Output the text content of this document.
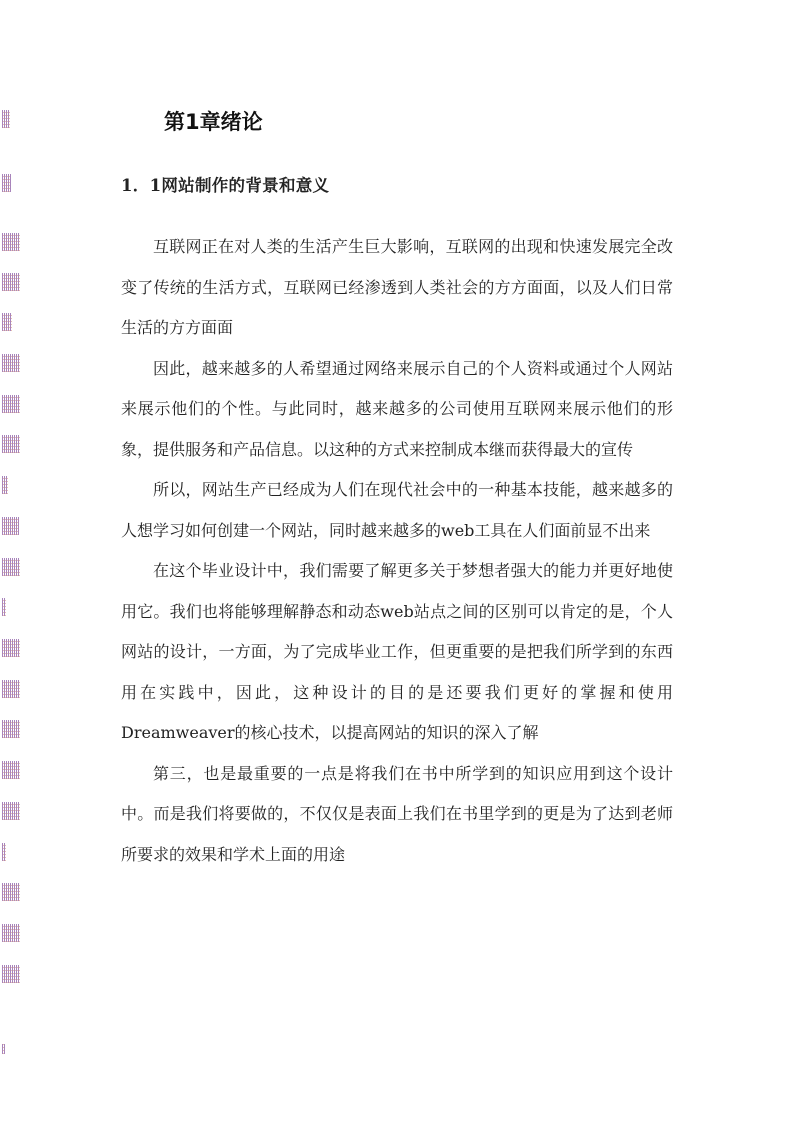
第1章绪论
1．1网站制作的背景和意义

互联网正在对人类的生活产生巨大影响，互联网的出现和快速发展完全改变了传统的生活方式，互联网已经渗透到人类社会的方方面面，以及人们日常生活的方方面面

因此，越来越多的人希望通过网络来展示自己的个人资料或通过个人网站来展示他们的个性。与此同时，越来越多的公司使用互联网来展示他们的形象，提供服务和产品信息。以这种的方式来控制成本继而获得最大的宣传

所以，网站生产已经成为人们在现代社会中的一种基本技能，越来越多的人想学习如何创建一个网站，同时越来越多的web工具在人们面前显不出来

在这个毕业设计中，我们需要了解更多关于梦想者强大的能力并更好地使用它。我们也将能够理解静态和动态web站点之间的区别可以肯定的是，个人网站的设计，一方面，为了完成毕业工作，但更重要的是把我们所学到的东西用在实践中，因此，这种设计的目的是还要我们更好的掌握和使用Dreamweaver的核心技术，以提高网站的知识的深入了解

第三，也是最重要的一点是将我们在书中所学到的知识应用到这个设计中。而是我们将要做的，不仅仅是表面上我们在书里学到的更是为了达到老师所要求的效果和学术上面的用途
